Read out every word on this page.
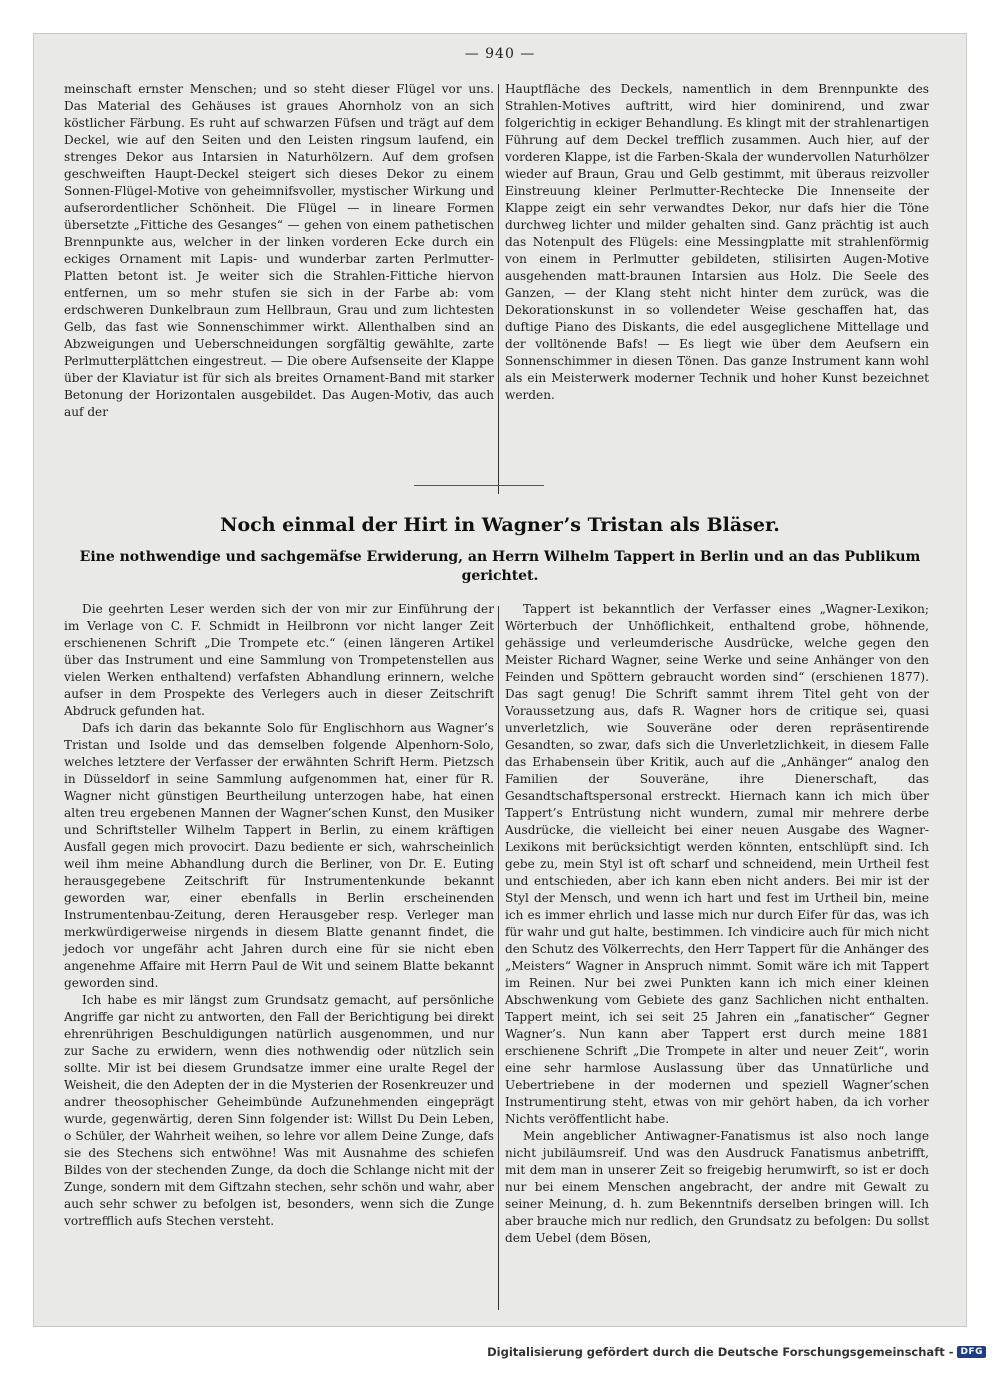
— 940 —

meinschaft ernster Menschen; und so steht dieser Flügel vor uns. Das Material des Gehäuses ist graues Ahornholz von an sich köstlicher Färbung. Es ruht auf schwarzen Füfsen und trägt auf dem Deckel, wie auf den Seiten und den Leisten ringsum laufend, ein strenges Dekor aus Intarsien in Naturhölzern. Auf dem grofsen geschweiften Haupt-Deckel steigert sich dieses Dekor zu einem Sonnen-Flügel-Motive von geheimnifsvoller, mystischer Wirkung und aufserordentlicher Schönheit. Die Flügel — in lineare Formen übersetzte „Fittiche des Gesanges“ — gehen von einem pathetischen Brennpunkte aus, welcher in der linken vorderen Ecke durch ein eckiges Ornament mit Lapis- und wunderbar zarten Perlmutter-Platten betont ist. Je weiter sich die Strahlen-Fittiche hiervon entfernen, um so mehr stufen sie sich in der Farbe ab: vom erdschweren Dunkelbraun zum Hellbraun, Grau und zum lichtesten Gelb, das fast wie Sonnenschimmer wirkt. Allenthalben sind an Abzweigungen und Ueberschneidungen sorgfältig gewählte, zarte Perlmutterplättchen eingestreut. — Die obere Aufsenseite der Klappe über der Klaviatur ist für sich als breites Ornament-Band mit starker Betonung der Horizontalen ausgebildet. Das Augen-Motiv, das auch auf der

Hauptfläche des Deckels, namentlich in dem Brennpunkte des Strahlen-Motives auftritt, wird hier dominirend, und zwar folgerichtig in eckiger Behandlung. Es klingt mit der strahlenartigen Führung auf dem Deckel trefflich zusammen. Auch hier, auf der vorderen Klappe, ist die Farben-Skala der wundervollen Naturhölzer wieder auf Braun, Grau und Gelb gestimmt, mit überaus reizvoller Einstreuung kleiner Perlmutter-Rechtecke Die Innenseite der Klappe zeigt ein sehr verwandtes Dekor, nur dafs hier die Töne durchweg lichter und milder gehalten sind. Ganz prächtig ist auch das Notenpult des Flügels: eine Messingplatte mit strahlenförmig von einem in Perlmutter gebildeten, stilisirten Augen-Motive ausgehenden matt-braunen Intarsien aus Holz. Die Seele des Ganzen, — der Klang steht nicht hinter dem zurück, was die Dekorationskunst in so vollendeter Weise geschaffen hat, das duftige Piano des Diskants, die edel ausgeglichene Mittellage und der volltönende Bafs! — Es liegt wie über dem Aeufsern ein Sonnenschimmer in diesen Tönen. Das ganze Instrument kann wohl als ein Meisterwerk moderner Technik und hoher Kunst bezeichnet werden.

Noch einmal der Hirt in Wagner’s Tristan als Bläser.
Eine nothwendige und sachgemäfse Erwiderung, an Herrn Wilhelm Tappert in Berlin und an das Publikum gerichtet.

Die geehrten Leser werden sich der von mir zur Einführung der im Verlage von C. F. Schmidt in Heilbronn vor nicht langer Zeit erschienenen Schrift „Die Trompete etc.“ (einen längeren Artikel über das Instrument und eine Sammlung von Trompetenstellen aus vielen Werken enthaltend) verfafsten Abhandlung erinnern, welche aufser in dem Prospekte des Verlegers auch in dieser Zeitschrift Abdruck gefunden hat.

Dafs ich darin das bekannte Solo für Englischhorn aus Wagner’s Tristan und Isolde und das demselben folgende Alpenhorn-Solo, welches letztere der Verfasser der erwähnten Schrift Herm. Pietzsch in Düsseldorf in seine Sammlung aufgenommen hat, einer für R. Wagner nicht günstigen Beurtheilung unterzogen habe, hat einen alten treu ergebenen Mannen der Wagner’schen Kunst, den Musiker und Schriftsteller Wilhelm Tappert in Berlin, zu einem kräftigen Ausfall gegen mich provocirt. Dazu bediente er sich, wahrscheinlich weil ihm meine Abhandlung durch die Berliner, von Dr. E. Euting herausgegebene Zeitschrift für Instrumentenkunde bekannt geworden war, einer ebenfalls in Berlin erscheinenden Instrumentenbau-Zeitung, deren Herausgeber resp. Verleger man merkwürdigerweise nirgends in diesem Blatte genannt findet, die jedoch vor ungefähr acht Jahren durch eine für sie nicht eben angenehme Affaire mit Herrn Paul de Wit und seinem Blatte bekannt geworden sind.

Ich habe es mir längst zum Grundsatz gemacht, auf persönliche Angriffe gar nicht zu antworten, den Fall der Berichtigung bei direkt ehrenrührigen Beschuldigungen natürlich ausgenommen, und nur zur Sache zu erwidern, wenn dies nothwendig oder nützlich sein sollte. Mir ist bei diesem Grundsatze immer eine uralte Regel der Weisheit, die den Adepten der in die Mysterien der Rosenkreuzer und andrer theosophischer Geheimbünde Aufzunehmenden eingeprägt wurde, gegenwärtig, deren Sinn folgender ist: Willst Du Dein Leben, o Schüler, der Wahrheit weihen, so lehre vor allem Deine Zunge, dafs sie des Stechens sich entwöhne! Was mit Ausnahme des schiefen Bildes von der stechenden Zunge, da doch die Schlange nicht mit der Zunge, sondern mit dem Giftzahn stechen, sehr schön und wahr, aber auch sehr schwer zu befolgen ist, besonders, wenn sich die Zunge vortrefflich aufs Stechen versteht.

Tappert ist bekanntlich der Verfasser eines „Wagner-Lexikon; Wörterbuch der Unhöflichkeit, enthaltend grobe, höhnende, gehässige und verleumderische Ausdrücke, welche gegen den Meister Richard Wagner, seine Werke und seine Anhänger von den Feinden und Spöttern gebraucht worden sind“ (erschienen 1877). Das sagt genug! Die Schrift sammt ihrem Titel geht von der Voraussetzung aus, dafs R. Wagner hors de critique sei, quasi unverletzlich, wie Souveräne oder deren repräsentirende Gesandten, so zwar, dafs sich die Unverletzlichkeit, in diesem Falle das Erhabensein über Kritik, auch auf die „Anhänger“ analog den Familien der Souveräne, ihre Dienerschaft, das Gesandtschaftspersonal erstreckt. Hiernach kann ich mich über Tappert’s Entrüstung nicht wundern, zumal mir mehrere derbe Ausdrücke, die vielleicht bei einer neuen Ausgabe des Wagner-Lexikons mit berücksichtigt werden könnten, entschlüpft sind. Ich gebe zu, mein Styl ist oft scharf und schneidend, mein Urtheil fest und entschieden, aber ich kann eben nicht anders. Bei mir ist der Styl der Mensch, und wenn ich hart und fest im Urtheil bin, meine ich es immer ehrlich und lasse mich nur durch Eifer für das, was ich für wahr und gut halte, bestimmen. Ich vindicire auch für mich nicht den Schutz des Völkerrechts, den Herr Tappert für die Anhänger des „Meisters“ Wagner in Anspruch nimmt. Somit wäre ich mit Tappert im Reinen. Nur bei zwei Punkten kann ich mich einer kleinen Abschwenkung vom Gebiete des ganz Sachlichen nicht enthalten. Tappert meint, ich sei seit 25 Jahren ein „fanatischer“ Gegner Wagner’s. Nun kann aber Tappert erst durch meine 1881 erschienene Schrift „Die Trompete in alter und neuer Zeit“, worin eine sehr harmlose Auslassung über das Unnatürliche und Uebertriebene in der modernen und speziell Wagner’schen Instrumentirung steht, etwas von mir gehört haben, da ich vorher Nichts veröffentlicht habe.

Mein angeblicher Antiwagner-Fanatismus ist also noch lange nicht jubiläumsreif. Und was den Ausdruck Fanatismus anbetrifft, mit dem man in unserer Zeit so freigebig herumwirft, so ist er doch nur bei einem Menschen angebracht, der andre mit Gewalt zu seiner Meinung, d. h. zum Bekenntnifs derselben bringen will. Ich aber brauche mich nur redlich, den Grundsatz zu befolgen: Du sollst dem Uebel (dem Bösen,

Digitalisierung gefördert durch die Deutsche Forschungsgemeinschaft - DFG
